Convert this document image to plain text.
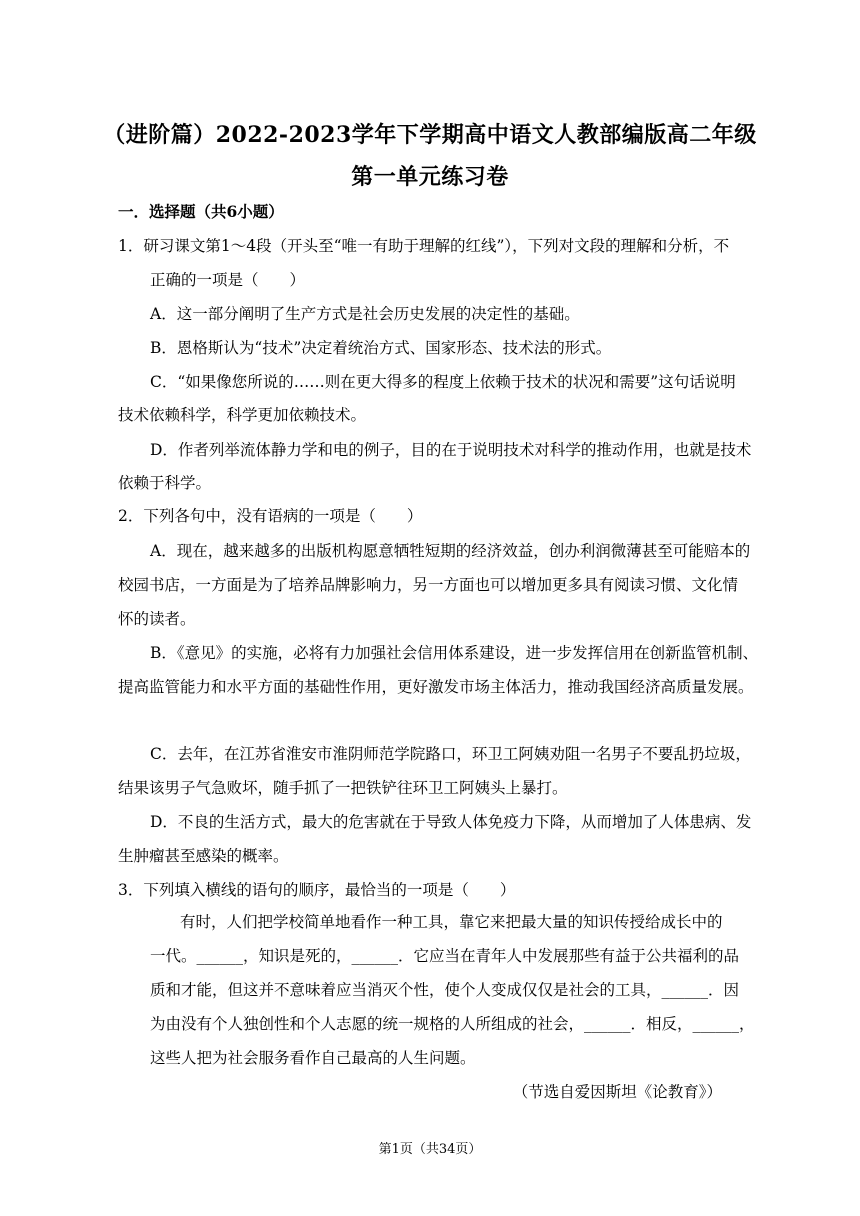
（进阶篇）2022-2023学年下学期高中语文人教部编版高二年级
第一单元练习卷
一．选择题（共6小题）
1．研习课文第1～4段（开头至“唯一有助于理解的红线”），下列对文段的理解和分析，不
正确的一项是（　　）
A．这一部分阐明了生产方式是社会历史发展的决定性的基础。
B．恩格斯认为“技术”决定着统治方式、国家形态、技术法的形式。
C．“如果像您所说的……则在更大得多的程度上依赖于技术的状况和需要”这句话说明
技术依赖科学，科学更加依赖技术。
D．作者列举流体静力学和电的例子，目的在于说明技术对科学的推动作用，也就是技术
依赖于科学。
2．下列各句中，没有语病的一项是（　　）
A．现在，越来越多的出版机构愿意牺牲短期的经济效益，创办利润微薄甚至可能赔本的
校园书店，一方面是为了培养品牌影响力，另一方面也可以增加更多具有阅读习惯、文化情
怀的读者。
B．《意见》的实施，必将有力加强社会信用体系建设，进一步发挥信用在创新监管机制、
提高监管能力和水平方面的基础性作用，更好激发市场主体活力，推动我国经济高质量发展。
C．去年，在江苏省淮安市淮阴师范学院路口，环卫工阿姨劝阻一名男子不要乱扔垃圾，
结果该男子气急败坏，随手抓了一把铁铲往环卫工阿姨头上暴打。
D．不良的生活方式，最大的危害就在于导致人体免疫力下降，从而增加了人体患病、发
生肿瘤甚至感染的概率。
3．下列填入横线的语句的顺序，最恰当的一项是（　　）
有时，人们把学校简单地看作一种工具，靠它来把最大量的知识传授给成长中的
一代。______，知识是死的，______．它应当在青年人中发展那些有益于公共福利的品
质和才能，但这并不意味着应当消灭个性，使个人变成仅仅是社会的工具，______．因
为由没有个人独创性和个人志愿的统一规格的人所组成的社会，______．相反，______，
这些人把为社会服务看作自己最高的人生问题。
（节选自爱因斯坦《论教育》）
第1页（共34页）
